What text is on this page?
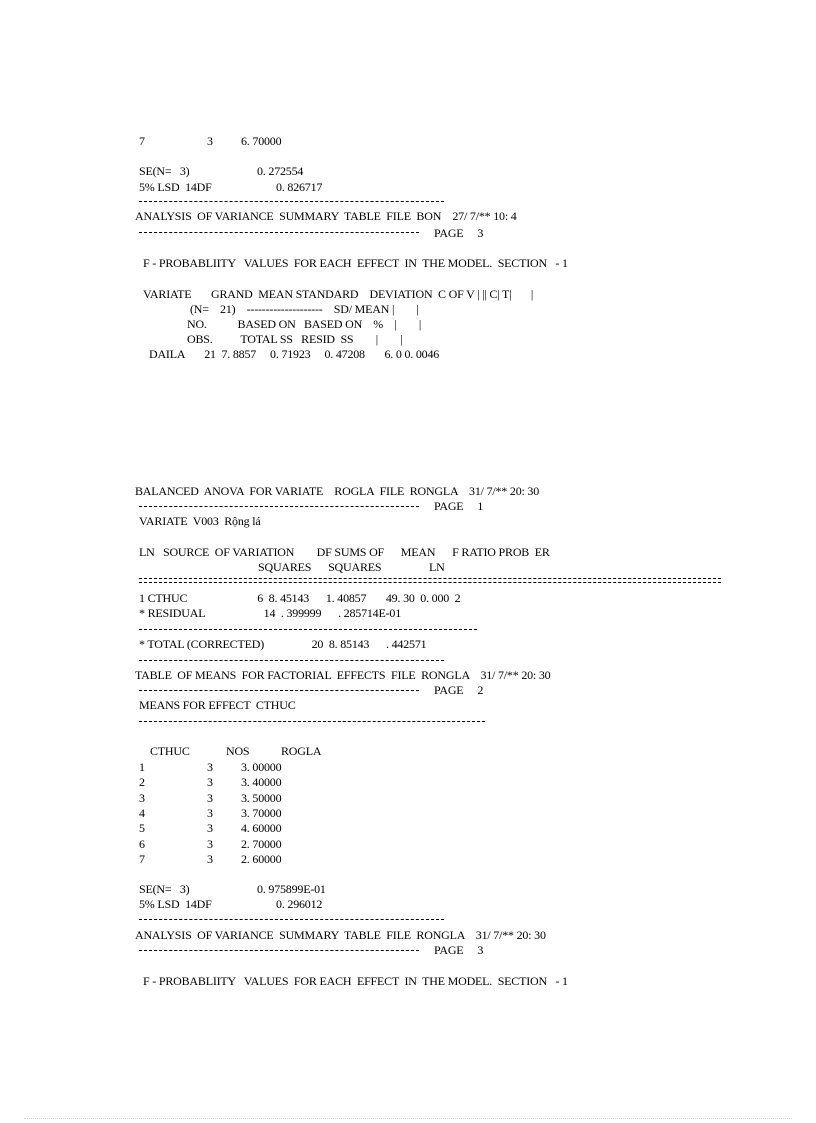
7	3 6. 70000
SE(N=   3)	0. 272554
5% LSD  14DF	0. 826717
ANALYSIS  OF VARIANCE  SUMMARY  TABLE  FILE  BON    27/ 7/** 10: 4
PAGE     3
F - PROBABLIITY   VALUES  FOR EACH  EFFECT  IN  THE MODEL.  SECTION   - 1
VARIATE       GRAND  MEAN STANDARD    DEVIATION  C OF V | || C| T|       |
(N=    21)    --------------------    SD/ MEAN |        |
NO.           BASED ON   BASED ON    %    |        |
OBS.          TOTAL SS   RESID  SS        |        |
DAILA       21  7. 8857     0. 71923     0. 47208       6. 0 0. 0046
BALANCED  ANOVA  FOR VARIATE    ROGLA  FILE  RONGLA    31/ 7/** 20: 30
PAGE     1
VARIATE  V003  Rộng lá
LN   SOURCE  OF VARIATION        DF SUMS OF      MEAN      F RATIO PROB  ER
SQUARES      SQUARES                 LN
1 CTHUC                         6  8. 45143      1. 40857       49. 30  0. 000  2
* RESIDUAL                     14  . 399999      . 285714E-01
* TOTAL (CORRECTED)                 20  8. 85143      . 442571
TABLE  OF MEANS  FOR FACTORIAL  EFFECTS  FILE  RONGLA    31/ 7/** 20: 30
PAGE     2
MEANS FOR EFFECT  CTHUC
CTHUC	NOS	ROGLA
1	3 3. 00000
2	3 3. 40000
3	3 3. 50000
4	3 3. 70000
5	3 4. 60000
6	3 2. 70000
7	3 2. 60000
SE(N=   3)	0. 975899E-01
5% LSD  14DF	0. 296012
ANALYSIS  OF VARIANCE  SUMMARY  TABLE  FILE  RONGLA    31/ 7/** 20: 30
PAGE     3
F - PROBABLIITY   VALUES  FOR EACH  EFFECT  IN  THE MODEL.  SECTION   - 1
